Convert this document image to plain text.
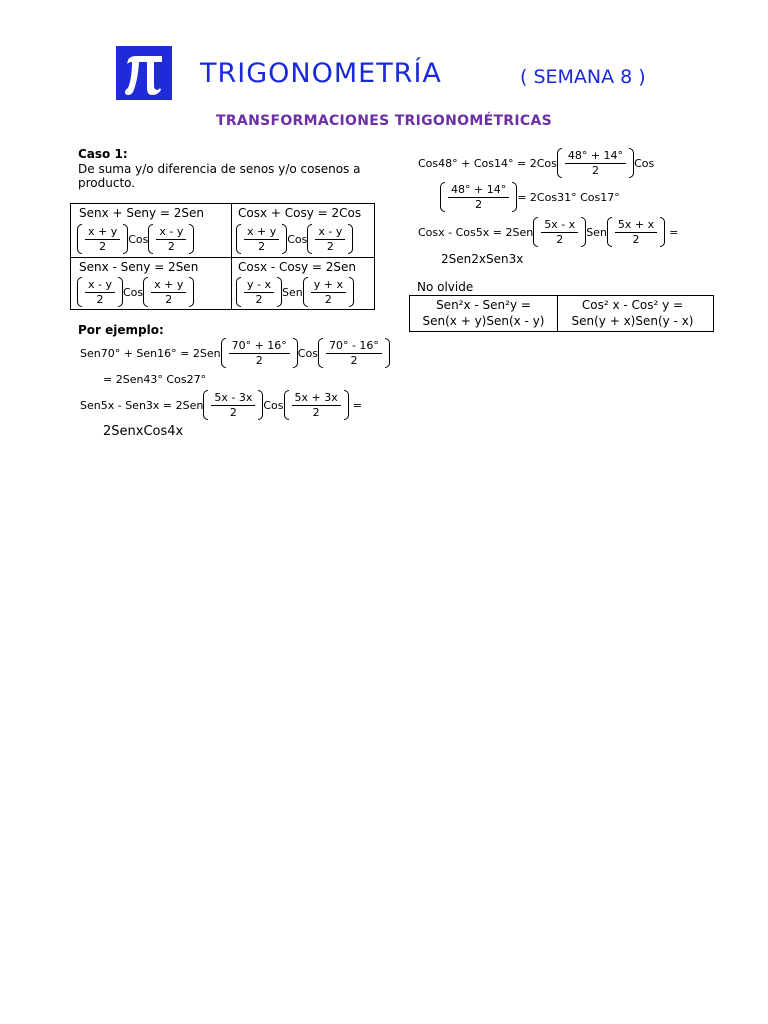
TRIGONOMETRÍA	( SEMANA 8 )
TRANSFORMACIONES TRIGONOMÉTRICAS
Caso 1:
De suma y/o diferencia de senos y/o cosenos a producto.
Senx + Seny = 2Sen
$\frac{x + y}{2}$ Cos $\frac{x - y}{2}$
Cosx + Cosy = 2Cos
$\frac{x + y}{2}$ Cos $\frac{x - y}{2}$
Senx - Seny = 2Sen
$\frac{x - y}{2}$ Cos $\frac{x + y}{2}$
Cosx - Cosy = 2Sen
$\frac{y - x}{2}$ Sen $\frac{y + x}{2}$
Por ejemplo:
$Sen70^\circ + Sen16^\circ = 2Sen \frac{70^\circ + 16^\circ}{2}$ Cos $\frac{70^\circ - 16^\circ}{2}$
= 2Sen43° Cos27°
$Sen5x - Sen3x = 2Sen \frac{5x - 3x}{2}$ Cos $\frac{5x + 3x}{2}$ =
2SenxCos4x
$Cos48^\circ + Cos14^\circ = 2Cos \frac{48^\circ + 14^\circ}{2}$ Cos
$\frac{48^\circ + 14^\circ}{2} = 2Cos31^\circ$ Cos17°
Cosx - $Cos5x = 2Sen \frac{5x - x}{2}$ Sen $\frac{5x + x}{2}$ =
2Sen2xSen3x
No olvide
Sen²x - Sen²y =
Sen(x + y)Sen(x - y)
Cos² x - Cos² y =
Sen(y + x)Sen(y - x)
